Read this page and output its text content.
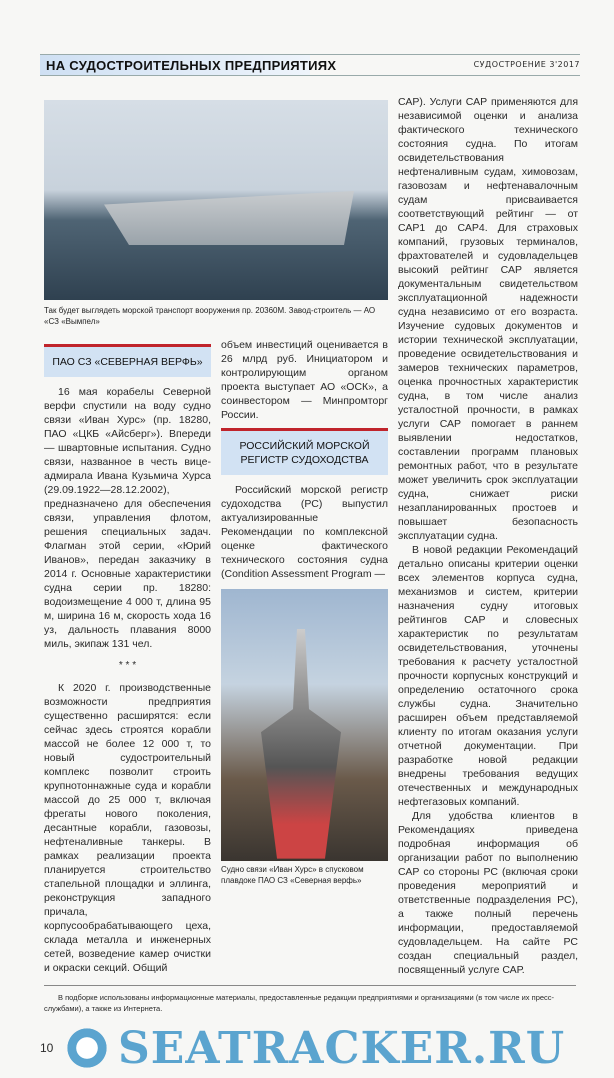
НА СУДОСТРОИТЕЛЬНЫХ ПРЕДПРИЯТИЯХ	СУДОСТРОЕНИЕ 3'2017
Так будет выглядеть морской транспорт вооружения пр. 20360М. Завод-строитель — АО «СЗ «Вымпел»
ПАО СЗ «СЕВЕРНАЯ ВЕРФЬ»

16 мая корабелы Северной верфи спустили на воду судно связи «Иван Хурс» (пр. 18280, ПАО «ЦКБ «Айсберг»). Впереди — швартовные испытания. Судно связи, названное в честь вице-адмирала Ивана Кузьмича Хурса (29.09.1922—28.12.2002), предназначено для обеспечения связи, управления флотом, решения специальных задач. Флагман этой серии, «Юрий Иванов», передан заказчику в 2014 г. Основные характеристики судна серии пр. 18280: водоизмещение 4 000 т, длина 95 м, ширина 16 м, скорость хода 16 уз, дальность плавания 8000 миль, экипаж 131 чел.

* * *

К 2020 г. производственные возможности предприятия существенно расширятся: если сейчас здесь строятся корабли массой не более 12 000 т, то новый судостроительный комплекс позволит строить крупнотоннажные суда и корабли массой до 25 000 т, включая фрегаты нового поколения, десантные корабли, газовозы, нефтеналивные танкеры. В рамках реализации проекта планируется строительство стапельной площадки и эллинга, реконструкция западного причала, корпусообрабатывающего цеха, склада металла и инженерных сетей, возведение камер очистки и окраски секций. Общий

объем инвестиций оценивается в 26 млрд руб. Инициатором и контролирующим органом проекта выступает АО «ОСК», а соинвестором — Минпромторг России.

РОССИЙСКИЙ МОРСКОЙ РЕГИСТР СУДОХОДСТВА

Российский морской регистр судоходства (РС) выпустил актуализированные Рекомендации по комплексной оценке фактического технического состояния судна (Condition Assessment Program —

Судно связи «Иван Хурс» в спусковом плавдоке ПАО СЗ «Северная верфь»

САР). Услуги САР применяются для независимой оценки и анализа фактического технического состояния судна. По итогам освидетельствования нефтеналивным судам, химовозам, газовозам и нефтенавалочным судам присваивается соответствующий рейтинг — от САР1 до САР4. Для страховых компаний, грузовых терминалов, фрахтователей и судовладельцев высокий рейтинг САР является документальным свидетельством эксплуатационной надежности судна независимо от его возраста. Изучение судовых документов и истории технической эксплуатации, проведение освидетельствования и замеров технических параметров, оценка прочностных характеристик судна, в том числе анализ усталостной прочности, в рамках услуги САР помогает в раннем выявлении недостатков, составлении программ плановых ремонтных работ, что в результате может увеличить срок эксплуатации судна, снижает риски незапланированных простоев и повышает безопасность эксплуатации судна.

В новой редакции Рекомендаций детально описаны критерии оценки всех элементов корпуса судна, механизмов и систем, критерии назначения судну итоговых рейтингов САР и словесных характеристик по результатам освидетельствования, уточнены требования к расчету усталостной прочности корпусных конструкций и определению остаточного срока службы судна. Значительно расширен объем представляемой клиенту по итогам оказания услуги отчетной документации. При разработке новой редакции внедрены требования ведущих отечественных и международных нефтегазовых компаний.

Для удобства клиентов в Рекомендациях приведена подробная информация об организации работ по выполнению САР со стороны РС (включая сроки проведения мероприятий и ответственные подразделения РС), а также полный перечень информации, предоставляемой судовладельцем. На сайте РС создан специальный раздел, посвященный услуге САР.

В подборке использованы информационные материалы, предоставленные редакции предприятиями и организациями (в том числе их пресс-службами), а также из Интернета.
10 SEATRACKER.RU
